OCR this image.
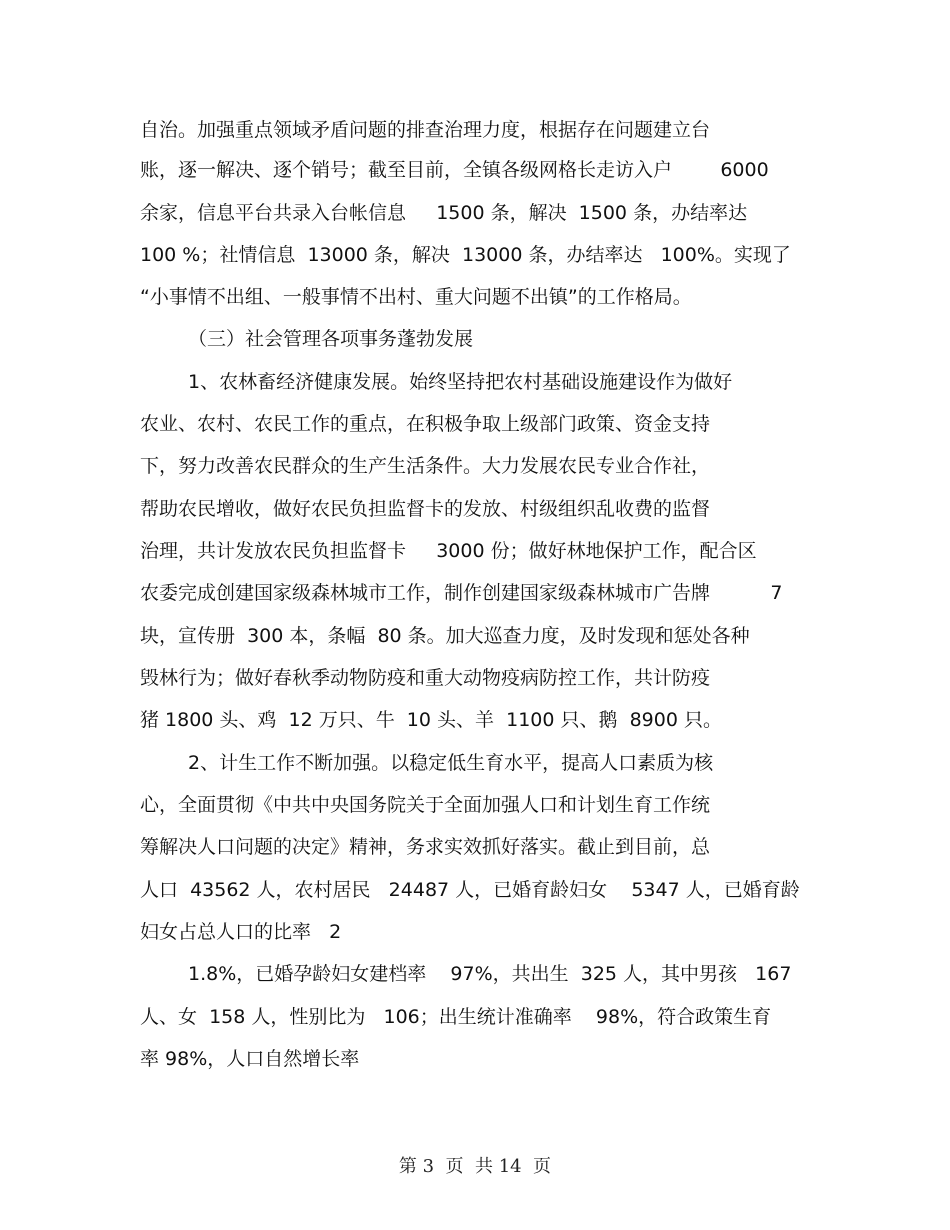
自治。加强重点领域矛盾问题的排查治理力度，根据存在问题建立台
账，逐一解决、逐个销号；截至目前，全镇各级网格长走访入户        6000
余家，信息平台共录入台帐信息     1500 条，解决  1500 条，办结率达
100 %；社情信息  13000 条，解决  13000 条，办结率达   100%。实现了
“小事情不出组、一般事情不出村、重大问题不出镇”的工作格局。
（三）社会管理各项事务蓬勃发展
1、农林畜经济健康发展。始终坚持把农村基础设施建设作为做好
农业、农村、农民工作的重点，在积极争取上级部门政策、资金支持
下，努力改善农民群众的生产生活条件。大力发展农民专业合作社，
帮助农民增收，做好农民负担监督卡的发放、村级组织乱收费的监督
治理，共计发放农民负担监督卡     3000 份；做好林地保护工作，配合区
农委完成创建国家级森林城市工作，制作创建国家级森林城市广告牌          7
块，宣传册  300 本，条幅  80 条。加大巡查力度，及时发现和惩处各种
毁林行为；做好春秋季动物防疫和重大动物疫病防控工作，共计防疫
猪 1800 头、鸡  12 万只、牛  10 头、羊  1100 只、鹅  8900 只。
2、计生工作不断加强。以稳定低生育水平，提高人口素质为核
心，全面贯彻《中共中央国务院关于全面加强人口和计划生育工作统
筹解决人口问题的决定》精神，务求实效抓好落实。截止到目前，总
人口  43562 人，农村居民   24487 人，已婚育龄妇女    5347 人，已婚育龄
妇女占总人口的比率   2
1.8%，已婚孕龄妇女建档率    97%，共出生  325 人，其中男孩   167
人、女  158 人，性别比为   106；出生统计准确率    98%，符合政策生育
率 98%，人口自然增长率
第 3  页  共 14  页
